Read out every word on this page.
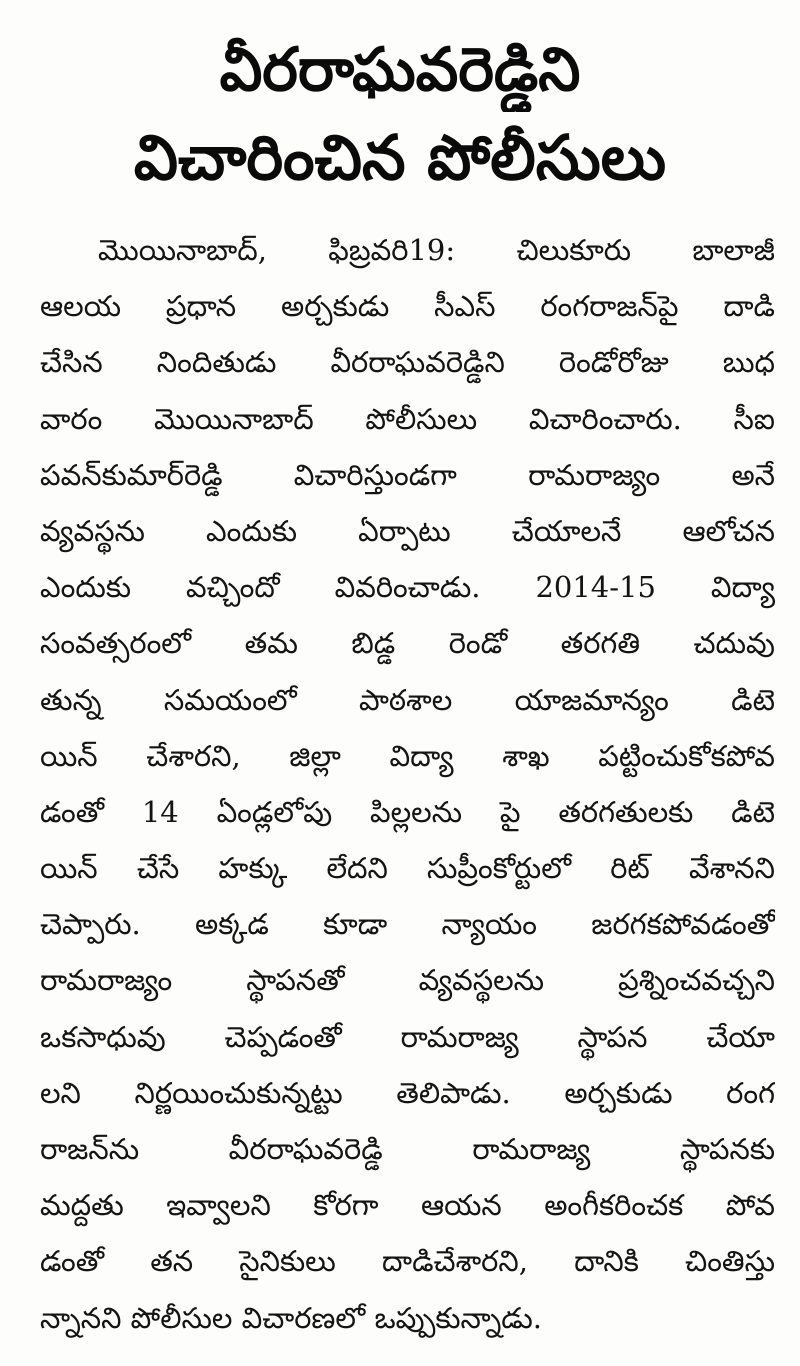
వీరరాఘవరెడ్డిని
విచారించిన పోలీసులు
మొయినాబాద్, ఫిబ్రవరి19: చిలుకూరు బాలాజీ
ఆలయ ప్రధాన అర్చకుడు సీఎస్ రంగరాజన్‌పై దాడి
చేసిన నిందితుడు వీరరాఘవరెడ్డిని రెండోరోజు బుధ
వారం మొయినాబాద్ పోలీసులు విచారించారు. సీఐ
పవన్‌కుమార్‌రెడ్డి విచారిస్తుండగా రామరాజ్యం అనే
వ్యవస్థను ఎందుకు ఏర్పాటు చేయాలనే ఆలోచన
ఎందుకు వచ్చిందో వివరించాడు. 2014-15 విద్యా
సంవత్సరంలో తమ బిడ్డ రెండో తరగతి చదువు
తున్న సమయంలో పాఠశాల యాజమాన్యం డిటె
యిన్ చేశారని, జిల్లా విద్యా శాఖ పట్టించుకోకపోవ
డంతో 14 ఏండ్లలోపు పిల్లలను పై తరగతులకు డిటె
యిన్ చేసే హక్కు లేదని సుప్రీంకోర్టులో రిట్ వేశానని
చెప్పారు. అక్కడ కూడా న్యాయం జరగకపోవడంతో
రామరాజ్యం స్థాపనతో వ్యవస్థలను ప్రశ్నించవచ్చని
ఒకసాధువు చెప్పడంతో రామరాజ్య స్థాపన చేయా
లని నిర్ణయించుకున్నట్టు తెలిపాడు. అర్చకుడు రంగ
రాజన్‌ను వీరరాఘవరెడ్డి రామరాజ్య స్థాపనకు
మద్దతు ఇవ్వాలని కోరగా ఆయన అంగీకరించక పోవ
డంతో తన సైనికులు దాడిచేశారని, దానికి చింతిస్తు
న్నానని పోలీసుల విచారణలో ఒప్పుకున్నాడు.
